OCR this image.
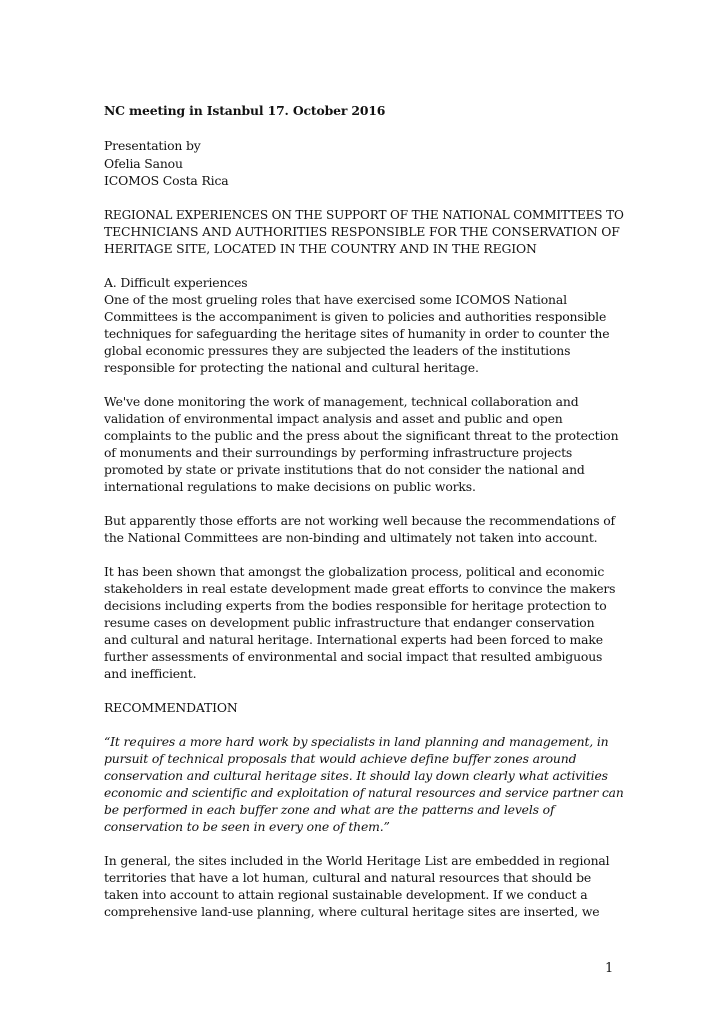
NC meeting in Istanbul 17. October 2016
Presentation by
Ofelia Sanou
ICOMOS Costa Rica
REGIONAL EXPERIENCES ON THE SUPPORT OF THE NATIONAL COMMITTEES TO
TECHNICIANS AND AUTHORITIES RESPONSIBLE FOR THE CONSERVATION OF
HERITAGE SITE, LOCATED IN THE COUNTRY AND IN THE REGION
A. Difficult experiences
One of the most grueling roles that have exercised some ICOMOS National
Committees is the accompaniment is given to policies and authorities responsible
techniques for safeguarding the heritage sites of humanity in order to counter the
global economic pressures they are subjected the leaders of the institutions
responsible for protecting the national and cultural heritage.
We've done monitoring the work of management, technical collaboration and
validation of environmental impact analysis and asset and public and open
complaints to the public and the press about the significant threat to the protection
of monuments and their surroundings by performing infrastructure projects
promoted by state or private institutions that do not consider the national and
international regulations to make decisions on public works.
But apparently those efforts are not working well because the recommendations of
the National Committees are non-binding and ultimately not taken into account.
It has been shown that amongst the globalization process, political and economic
stakeholders in real estate development made great efforts to convince the makers
decisions including experts from the bodies responsible for heritage protection to
resume cases on development public infrastructure that endanger conservation
and cultural and natural heritage. International experts had been forced to make
further assessments of environmental and social impact that resulted ambiguous
and inefficient.
RECOMMENDATION
“It requires a more hard work by specialists in land planning and management, in
pursuit of technical proposals that would achieve define buffer zones around
conservation and cultural heritage sites. It should lay down clearly what activities
economic and scientific and exploitation of natural resources and service partner can
be performed in each buffer zone and what are the patterns and levels of
conservation to be seen in every one of them.”
In general, the sites included in the World Heritage List are embedded in regional
territories that have a lot human, cultural and natural resources that should be
taken into account to attain regional sustainable development. If we conduct a
comprehensive land-use planning, where cultural heritage sites are inserted, we
1
